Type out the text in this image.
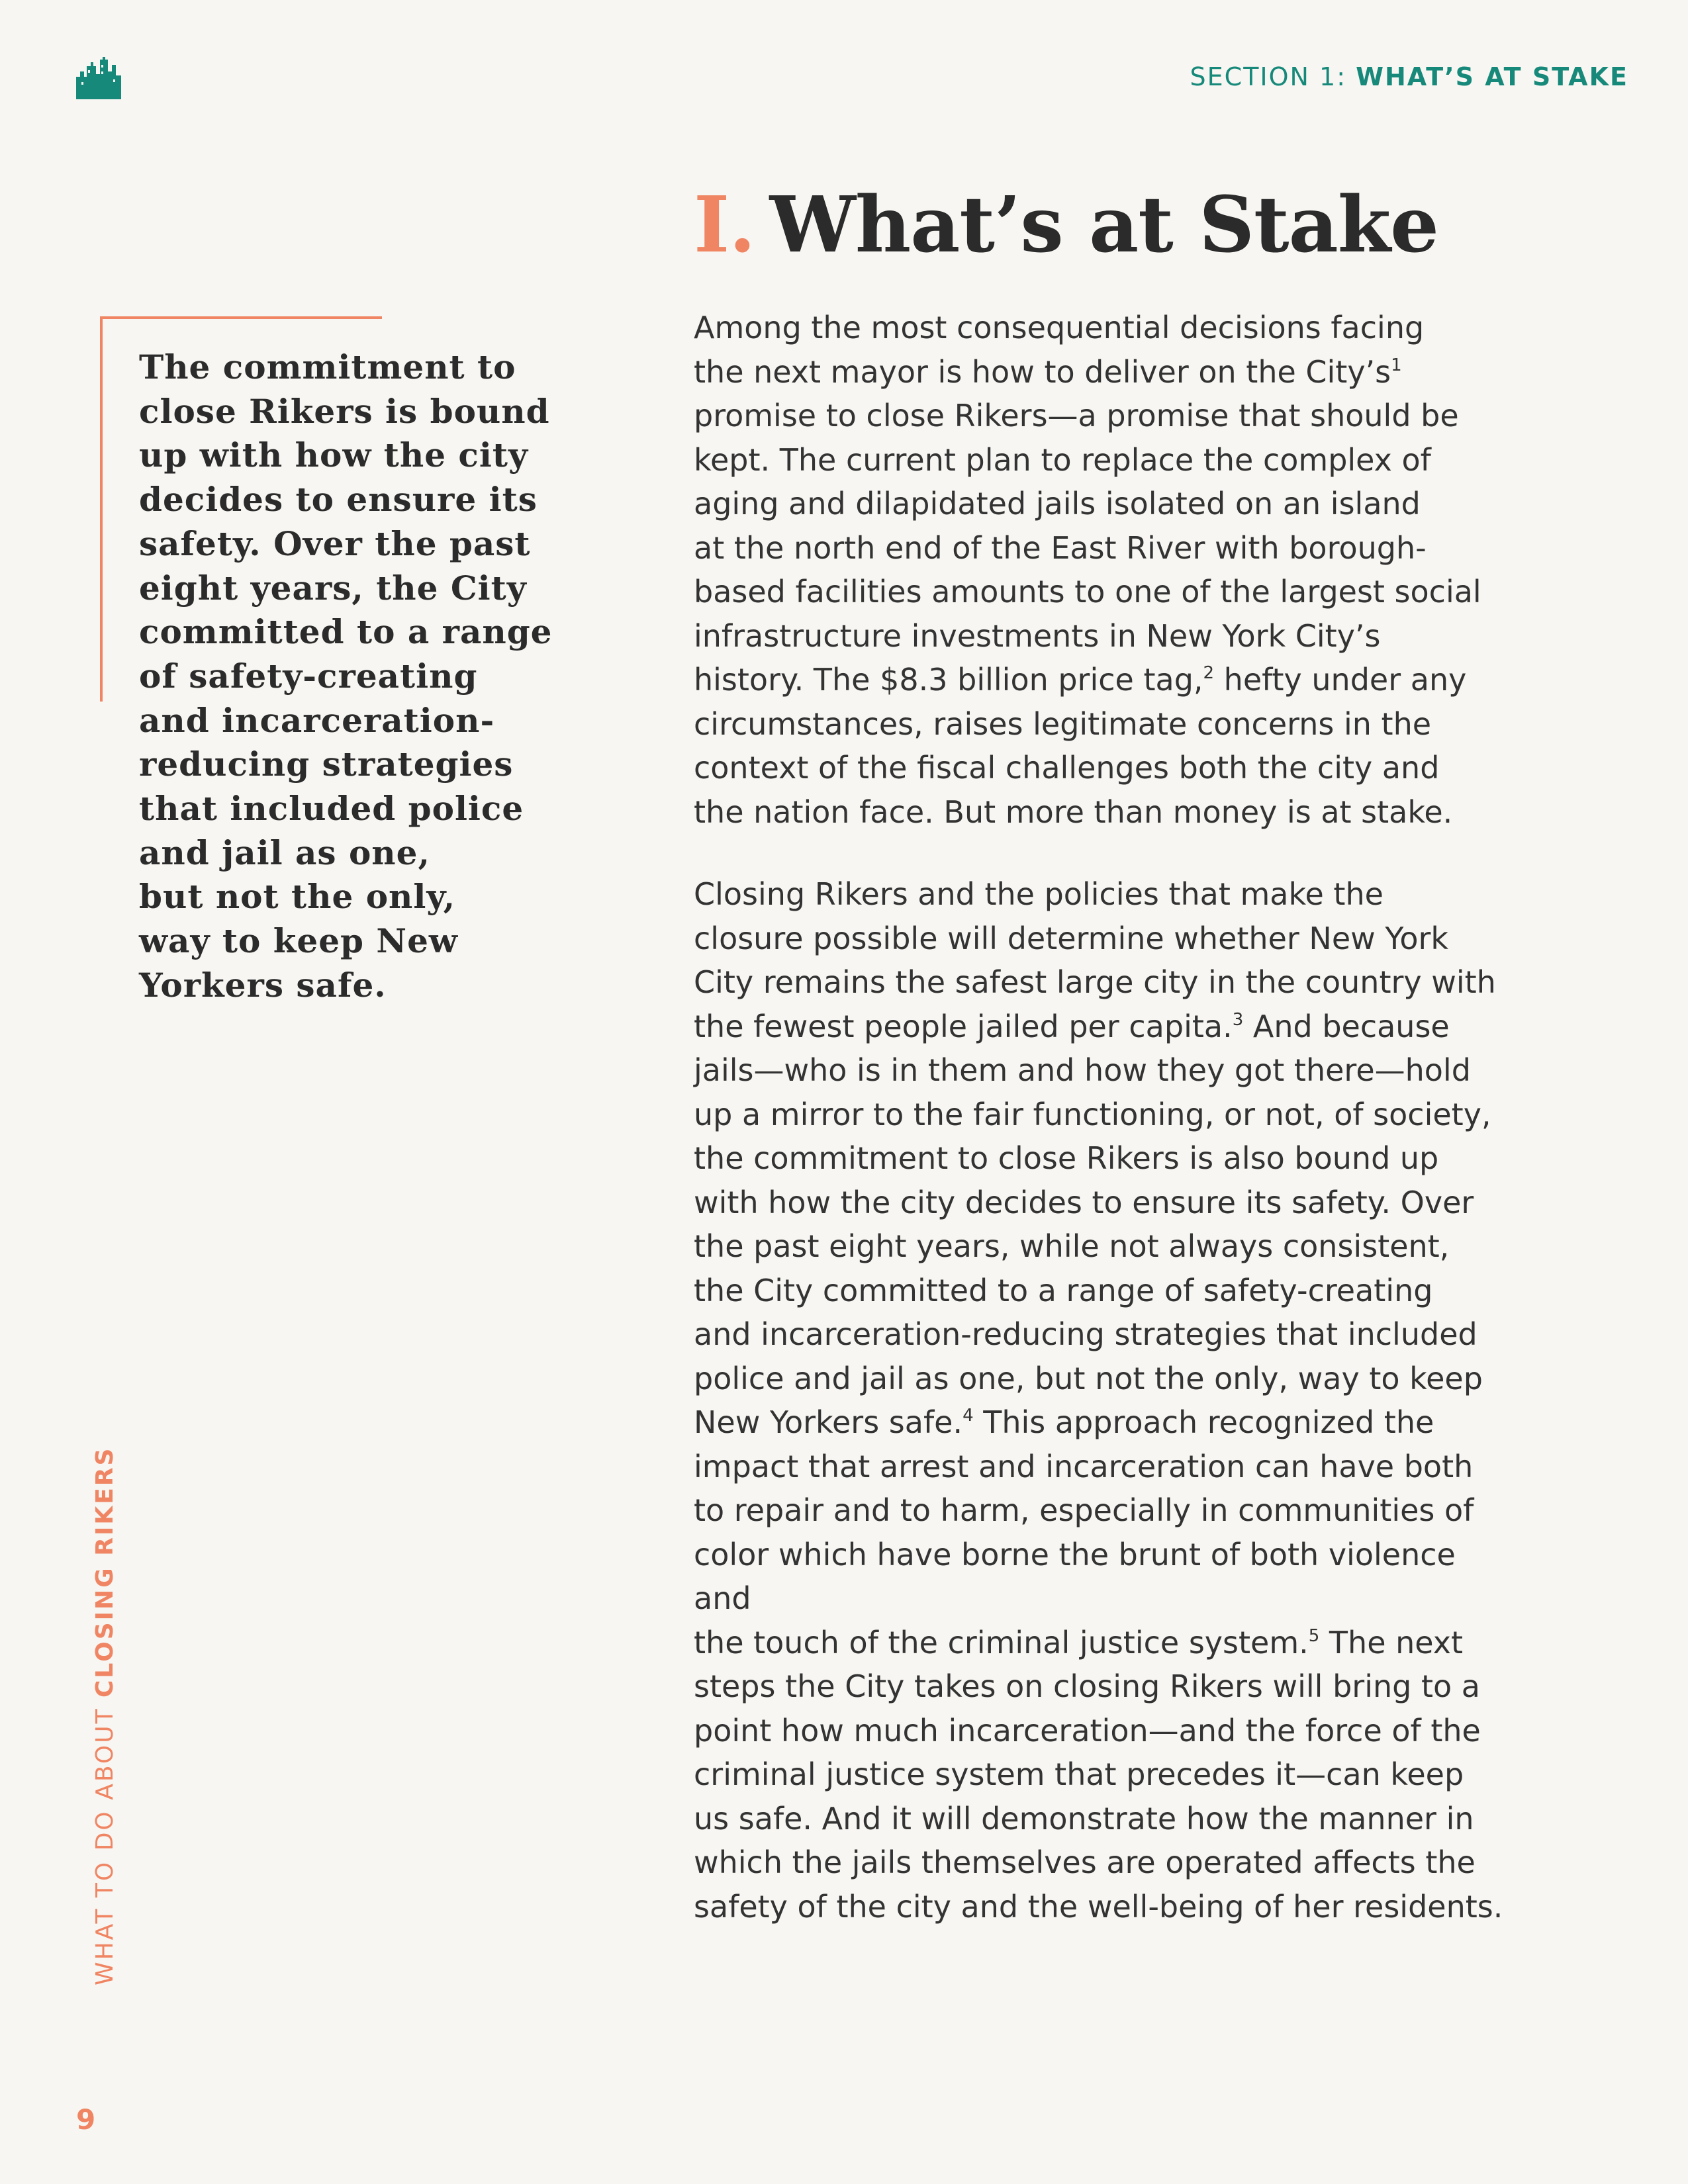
SECTION 1: WHAT’S AT STAKE
I. What’s at Stake

The commitment to
close Rikers is bound
up with how the city
decides to ensure its
safety. Over the past
eight years, the City
committed to a range
of safety-creating
and incarceration-
reducing strategies
that included police
and jail as one,
but not the only,
way to keep New
Yorkers safe.

Among the most consequential decisions facing
the next mayor is how to deliver on the City’s$^1$
promise to close Rikers—a promise that should be
kept. The current plan to replace the complex of
aging and dilapidated jails isolated on an island
at the north end of the East River with borough-
based facilities amounts to one of the largest social
infrastructure investments in New York City’s
history. The $8.3 billion price tag,$^2$ hefty under any
circumstances, raises legitimate concerns in the
context of the fiscal challenges both the city and
the nation face. But more than money is at stake.

Closing Rikers and the policies that make the
closure possible will determine whether New York
City remains the safest large city in the country with
the fewest people jailed per capita.$^3$ And because
jails—who is in them and how they got there—hold
up a mirror to the fair functioning, or not, of society,
the commitment to close Rikers is also bound up
with how the city decides to ensure its safety. Over
the past eight years, while not always consistent,
the City committed to a range of safety-creating
and incarceration-reducing strategies that included
police and jail as one, but not the only, way to keep
New Yorkers safe.$^4$ This approach recognized the
impact that arrest and incarceration can have both
to repair and to harm, especially in communities of
color which have borne the brunt of both violence and
the touch of the criminal justice system.$^5$ The next
steps the City takes on closing Rikers will bring to a
point how much incarceration—and the force of the
criminal justice system that precedes it—can keep
us safe. And it will demonstrate how the manner in
which the jails themselves are operated affects the
safety of the city and the well-being of her residents.

WHAT TO DO ABOUT CLOSING RIKERS
9
